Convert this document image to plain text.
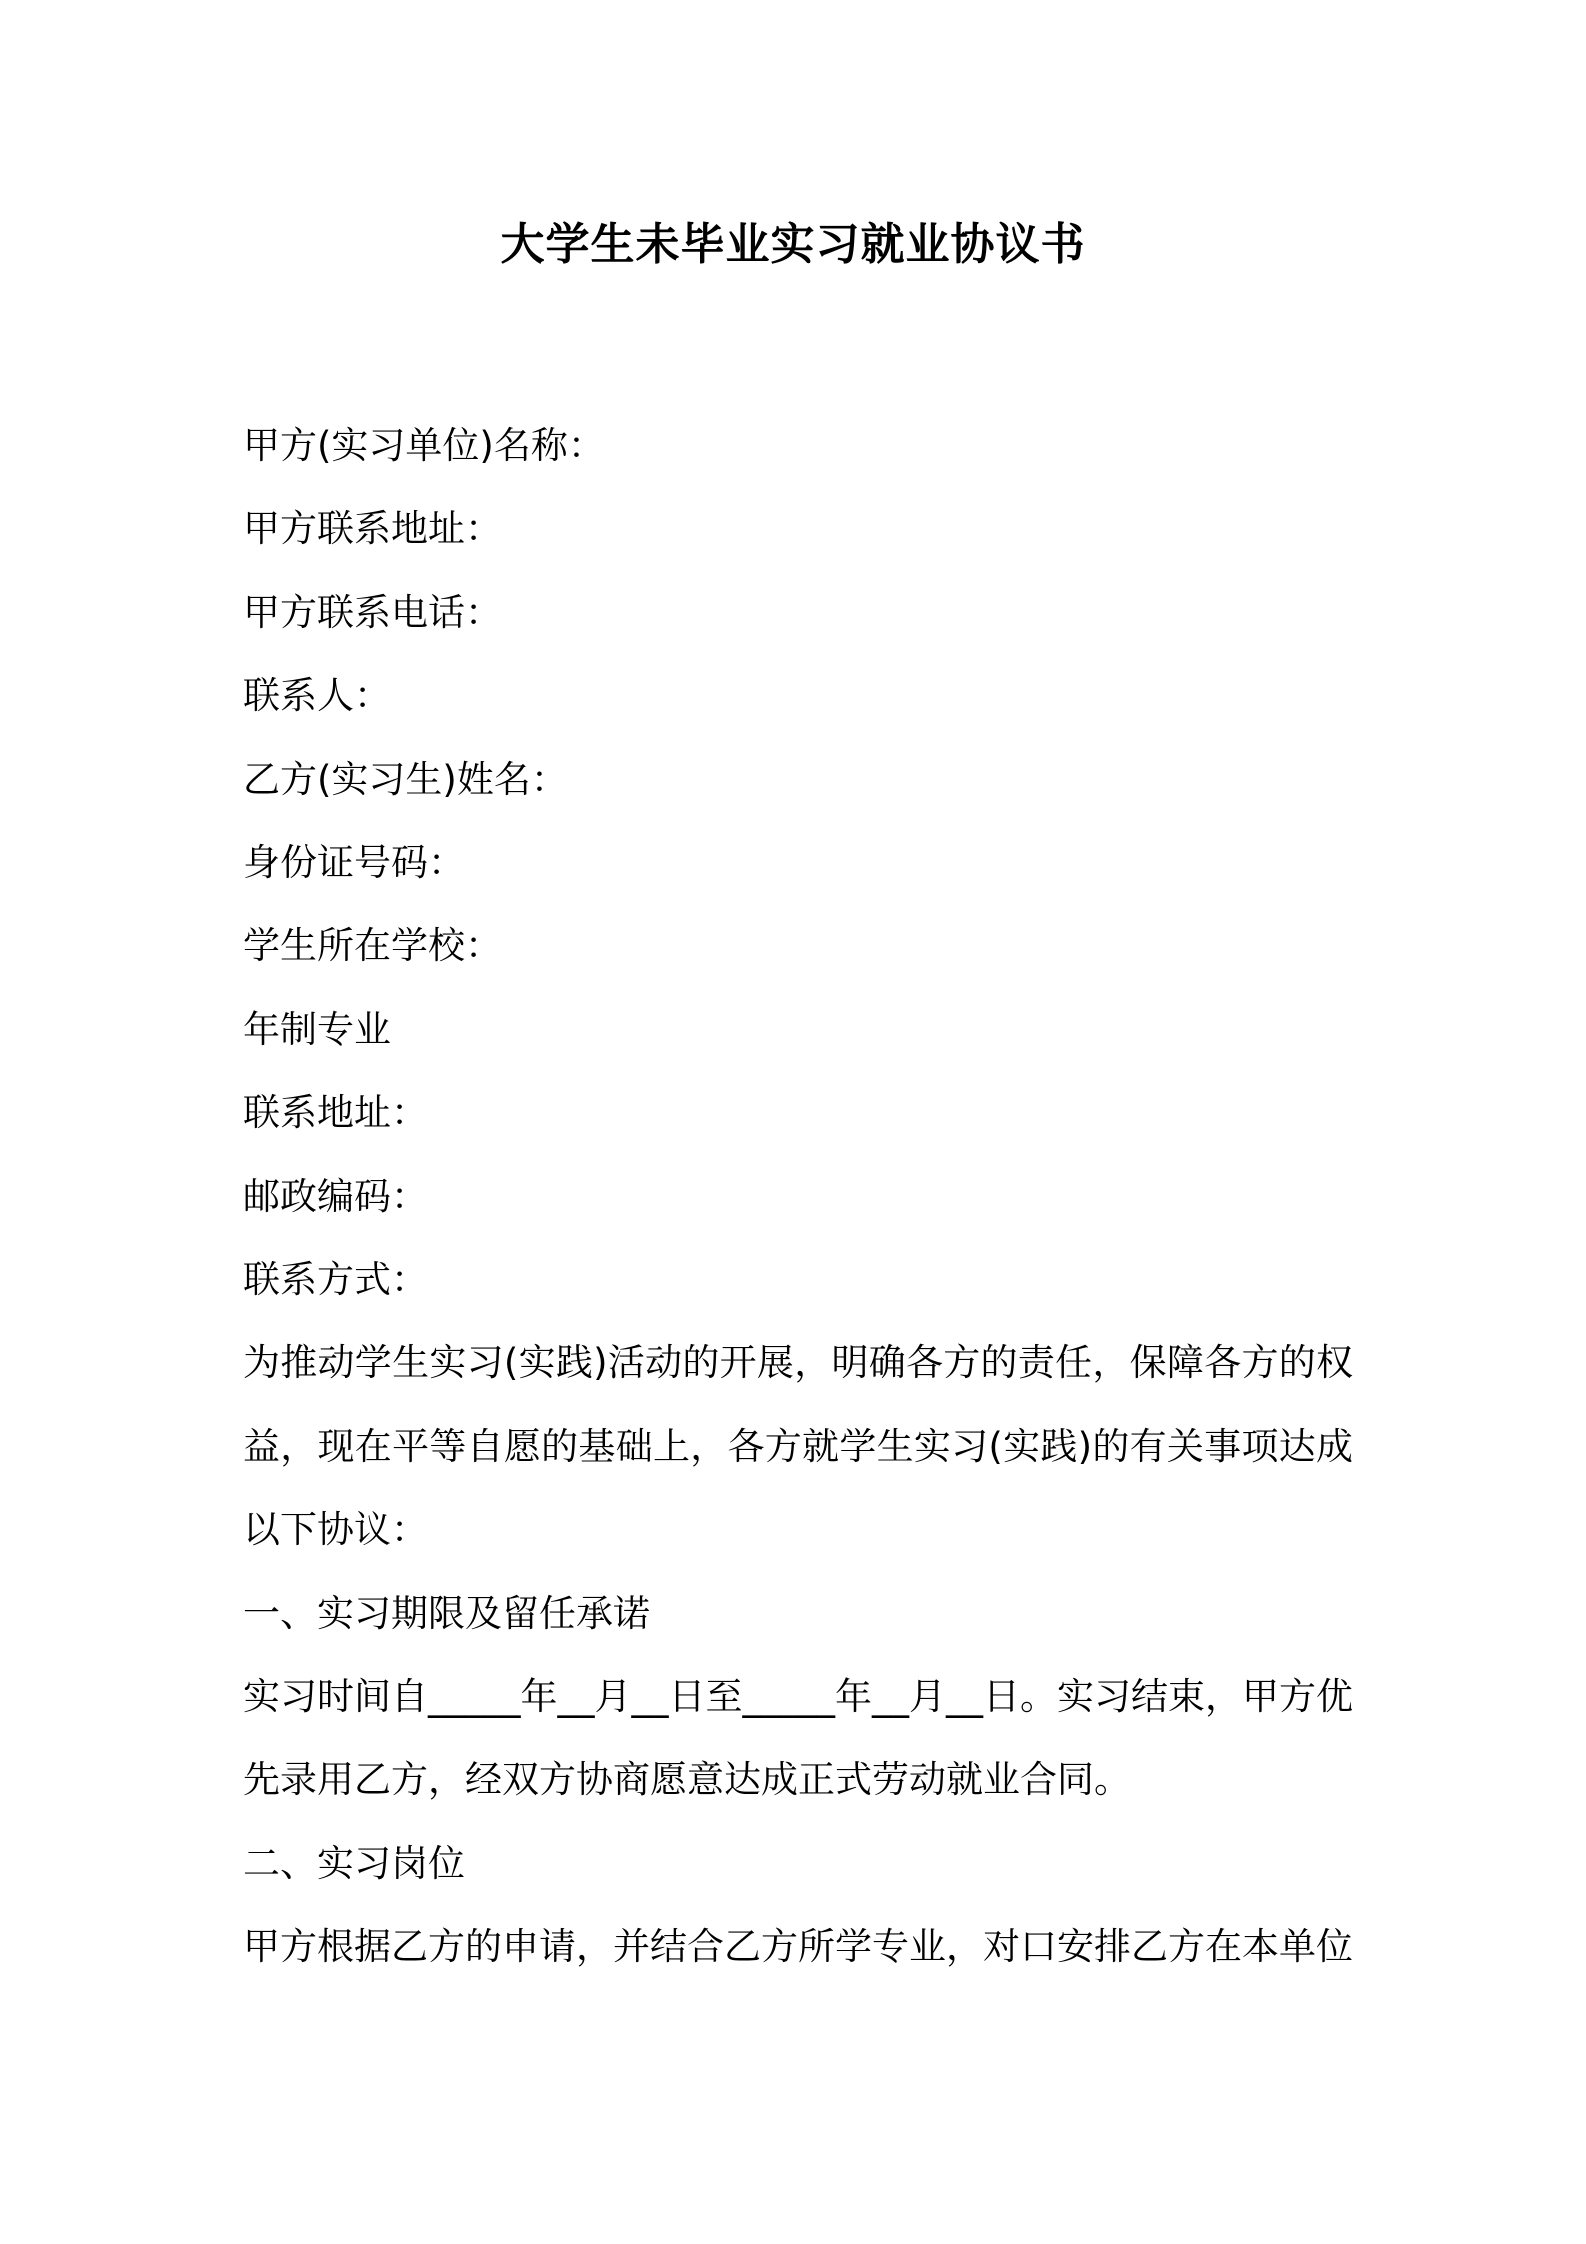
大学生未毕业实习就业协议书
甲方(实习单位)名称：
甲方联系地址：
甲方联系电话：
联系人：
乙方(实习生)姓名：
身份证号码：
学生所在学校：
年制专业
联系地址：
邮政编码：
联系方式：
为推动学生实习(实践)活动的开展，明确各方的责任，保障各方的权益，现在平等自愿的基础上，各方就学生实习(实践)的有关事项达成以下协议：
一、实习期限及留任承诺
实习时间自_____年__月__日至_____年__月__日。实习结束，甲方优先录用乙方，经双方协商愿意达成正式劳动就业合同。
二、实习岗位
甲方根据乙方的申请，并结合乙方所学专业，对口安排乙方在本单位
